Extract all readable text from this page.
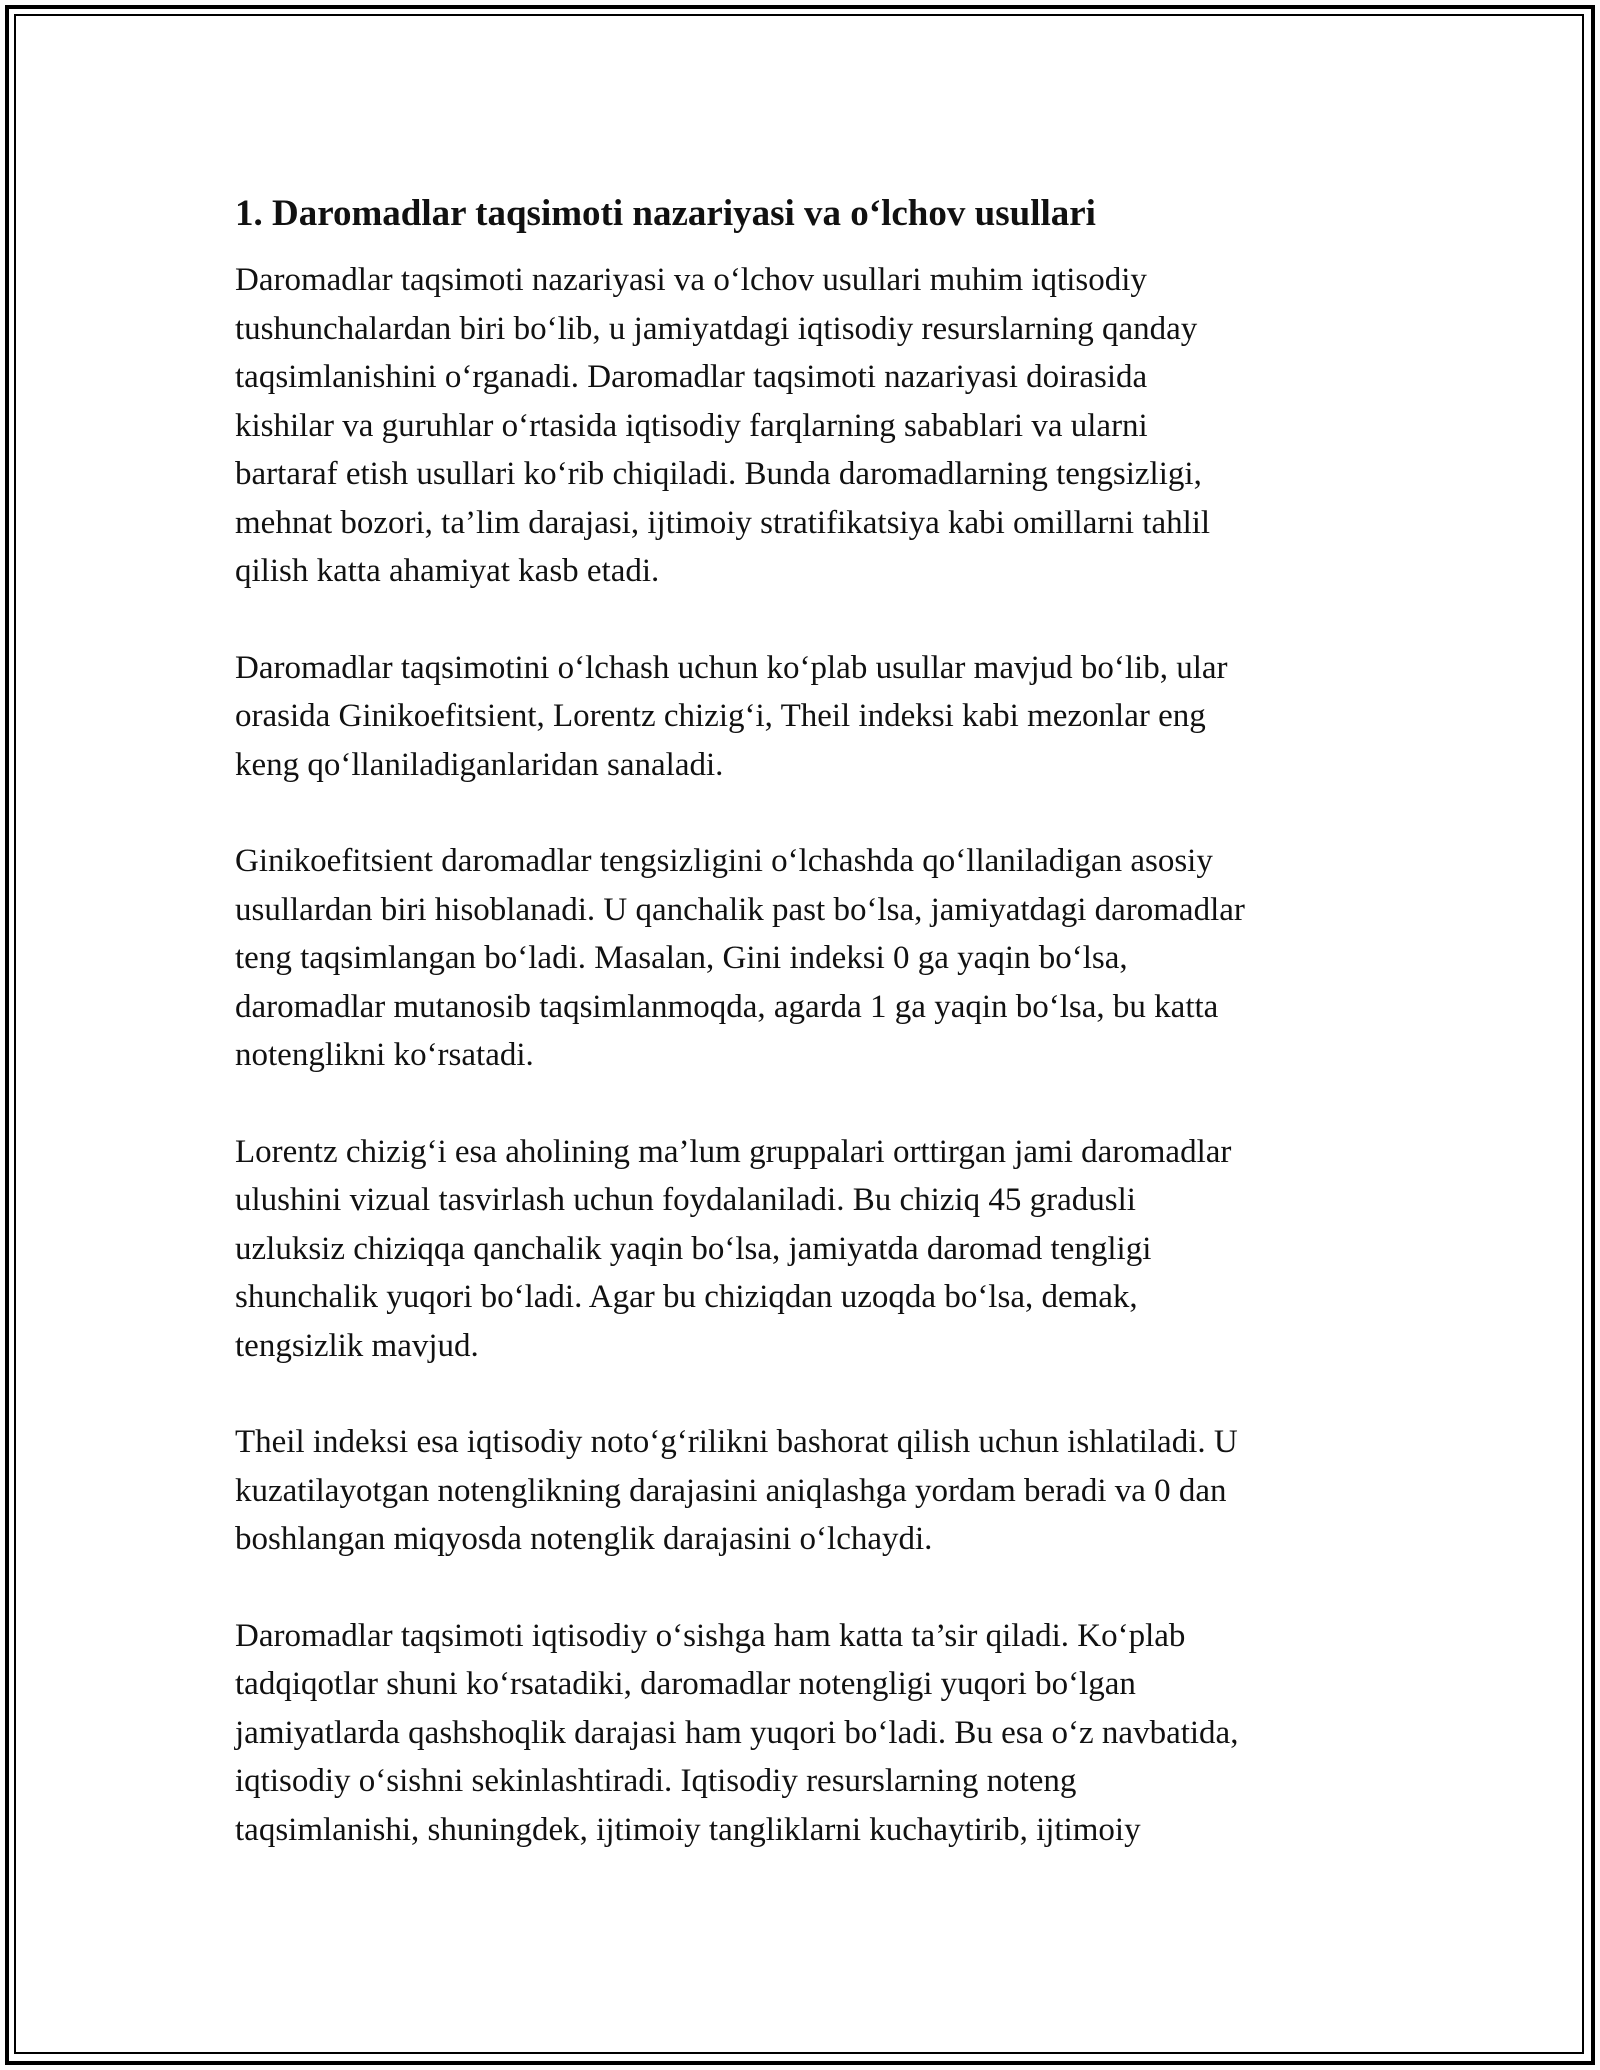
1. Daromadlar taqsimoti nazariyasi va o‘lchov usullari

Daromadlar taqsimoti nazariyasi va o‘lchov usullari muhim iqtisodiy
tushunchalardan biri bo‘lib, u jamiyatdagi iqtisodiy resurslarning qanday
taqsimlanishini o‘rganadi. Daromadlar taqsimoti nazariyasi doirasida
kishilar va guruhlar o‘rtasida iqtisodiy farqlarning sabablari va ularni
bartaraf etish usullari ko‘rib chiqiladi. Bunda daromadlarning tengsizligi,
mehnat bozori, ta’lim darajasi, ijtimoiy stratifikatsiya kabi omillarni tahlil
qilish katta ahamiyat kasb etadi.

Daromadlar taqsimotini o‘lchash uchun ko‘plab usullar mavjud bo‘lib, ular
orasida Ginikoefitsient, Lorentz chizig‘i, Theil indeksi kabi mezonlar eng
keng qo‘llaniladiganlaridan sanaladi.

Ginikoefitsient daromadlar tengsizligini o‘lchashda qo‘llaniladigan asosiy
usullardan biri hisoblanadi. U qanchalik past bo‘lsa, jamiyatdagi daromadlar
teng taqsimlangan bo‘ladi. Masalan, Gini indeksi 0 ga yaqin bo‘lsa,
daromadlar mutanosib taqsimlanmoqda, agarda 1 ga yaqin bo‘lsa, bu katta
notenglikni ko‘rsatadi.

Lorentz chizig‘i esa aholining ma’lum gruppalari orttirgan jami daromadlar
ulushini vizual tasvirlash uchun foydalaniladi. Bu chiziq 45 gradusli
uzluksiz chiziqqa qanchalik yaqin bo‘lsa, jamiyatda daromad tengligi
shunchalik yuqori bo‘ladi. Agar bu chiziqdan uzoqda bo‘lsa, demak,
tengsizlik mavjud.

Theil indeksi esa iqtisodiy noto‘g‘rilikni bashorat qilish uchun ishlatiladi. U
kuzatilayotgan notenglikning darajasini aniqlashga yordam beradi va 0 dan
boshlangan miqyosda notenglik darajasini o‘lchaydi.

Daromadlar taqsimoti iqtisodiy o‘sishga ham katta ta’sir qiladi. Ko‘plab
tadqiqotlar shuni ko‘rsatadiki, daromadlar notengligi yuqori bo‘lgan
jamiyatlarda qashshoqlik darajasi ham yuqori bo‘ladi. Bu esa o‘z navbatida,
iqtisodiy o‘sishni sekinlashtiradi. Iqtisodiy resurslarning noteng
taqsimlanishi, shuningdek, ijtimoiy tangliklarni kuchaytirib, ijtimoiy
